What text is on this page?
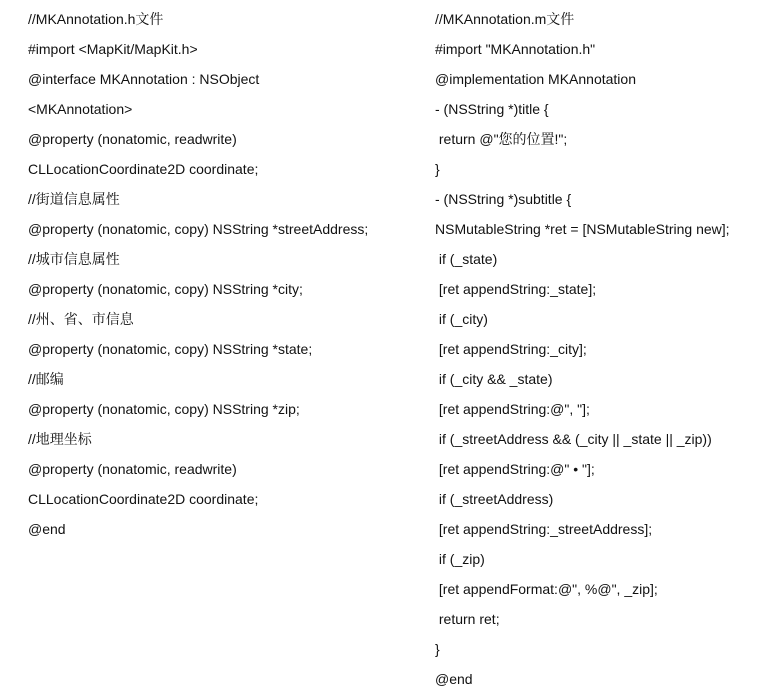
//MKAnnotation.h文件
#import <MapKit/MapKit.h>
@interface MKAnnotation : NSObject
<MKAnnotation>
@property (nonatomic, readwrite)
CLLocationCoordinate2D coordinate;
//街道信息属性
@property (nonatomic, copy) NSString *streetAddress;
//城市信息属性
@property (nonatomic, copy) NSString *city;
//州、省、市信息
@property (nonatomic, copy) NSString *state;
//邮编
@property (nonatomic, copy) NSString *zip;
//地理坐标
@property (nonatomic, readwrite)
CLLocationCoordinate2D coordinate;
@end
//MKAnnotation.m文件
#import "MKAnnotation.h"
@implementation MKAnnotation
- (NSString *)title {
return @"您的位置!";
}
- (NSString *)subtitle {
NSMutableString *ret = [NSMutableString new];
if (_state)
[ret appendString:_state];
if (_city)
[ret appendString:_city];
if (_city && _state)
[ret appendString:@", "];
if (_streetAddress && (_city || _state || _zip))
[ret appendString:@" • "];
if (_streetAddress)
[ret appendString:_streetAddress];
if (_zip)
[ret appendFormat:@", %@", _zip];
return ret;
}
@end
